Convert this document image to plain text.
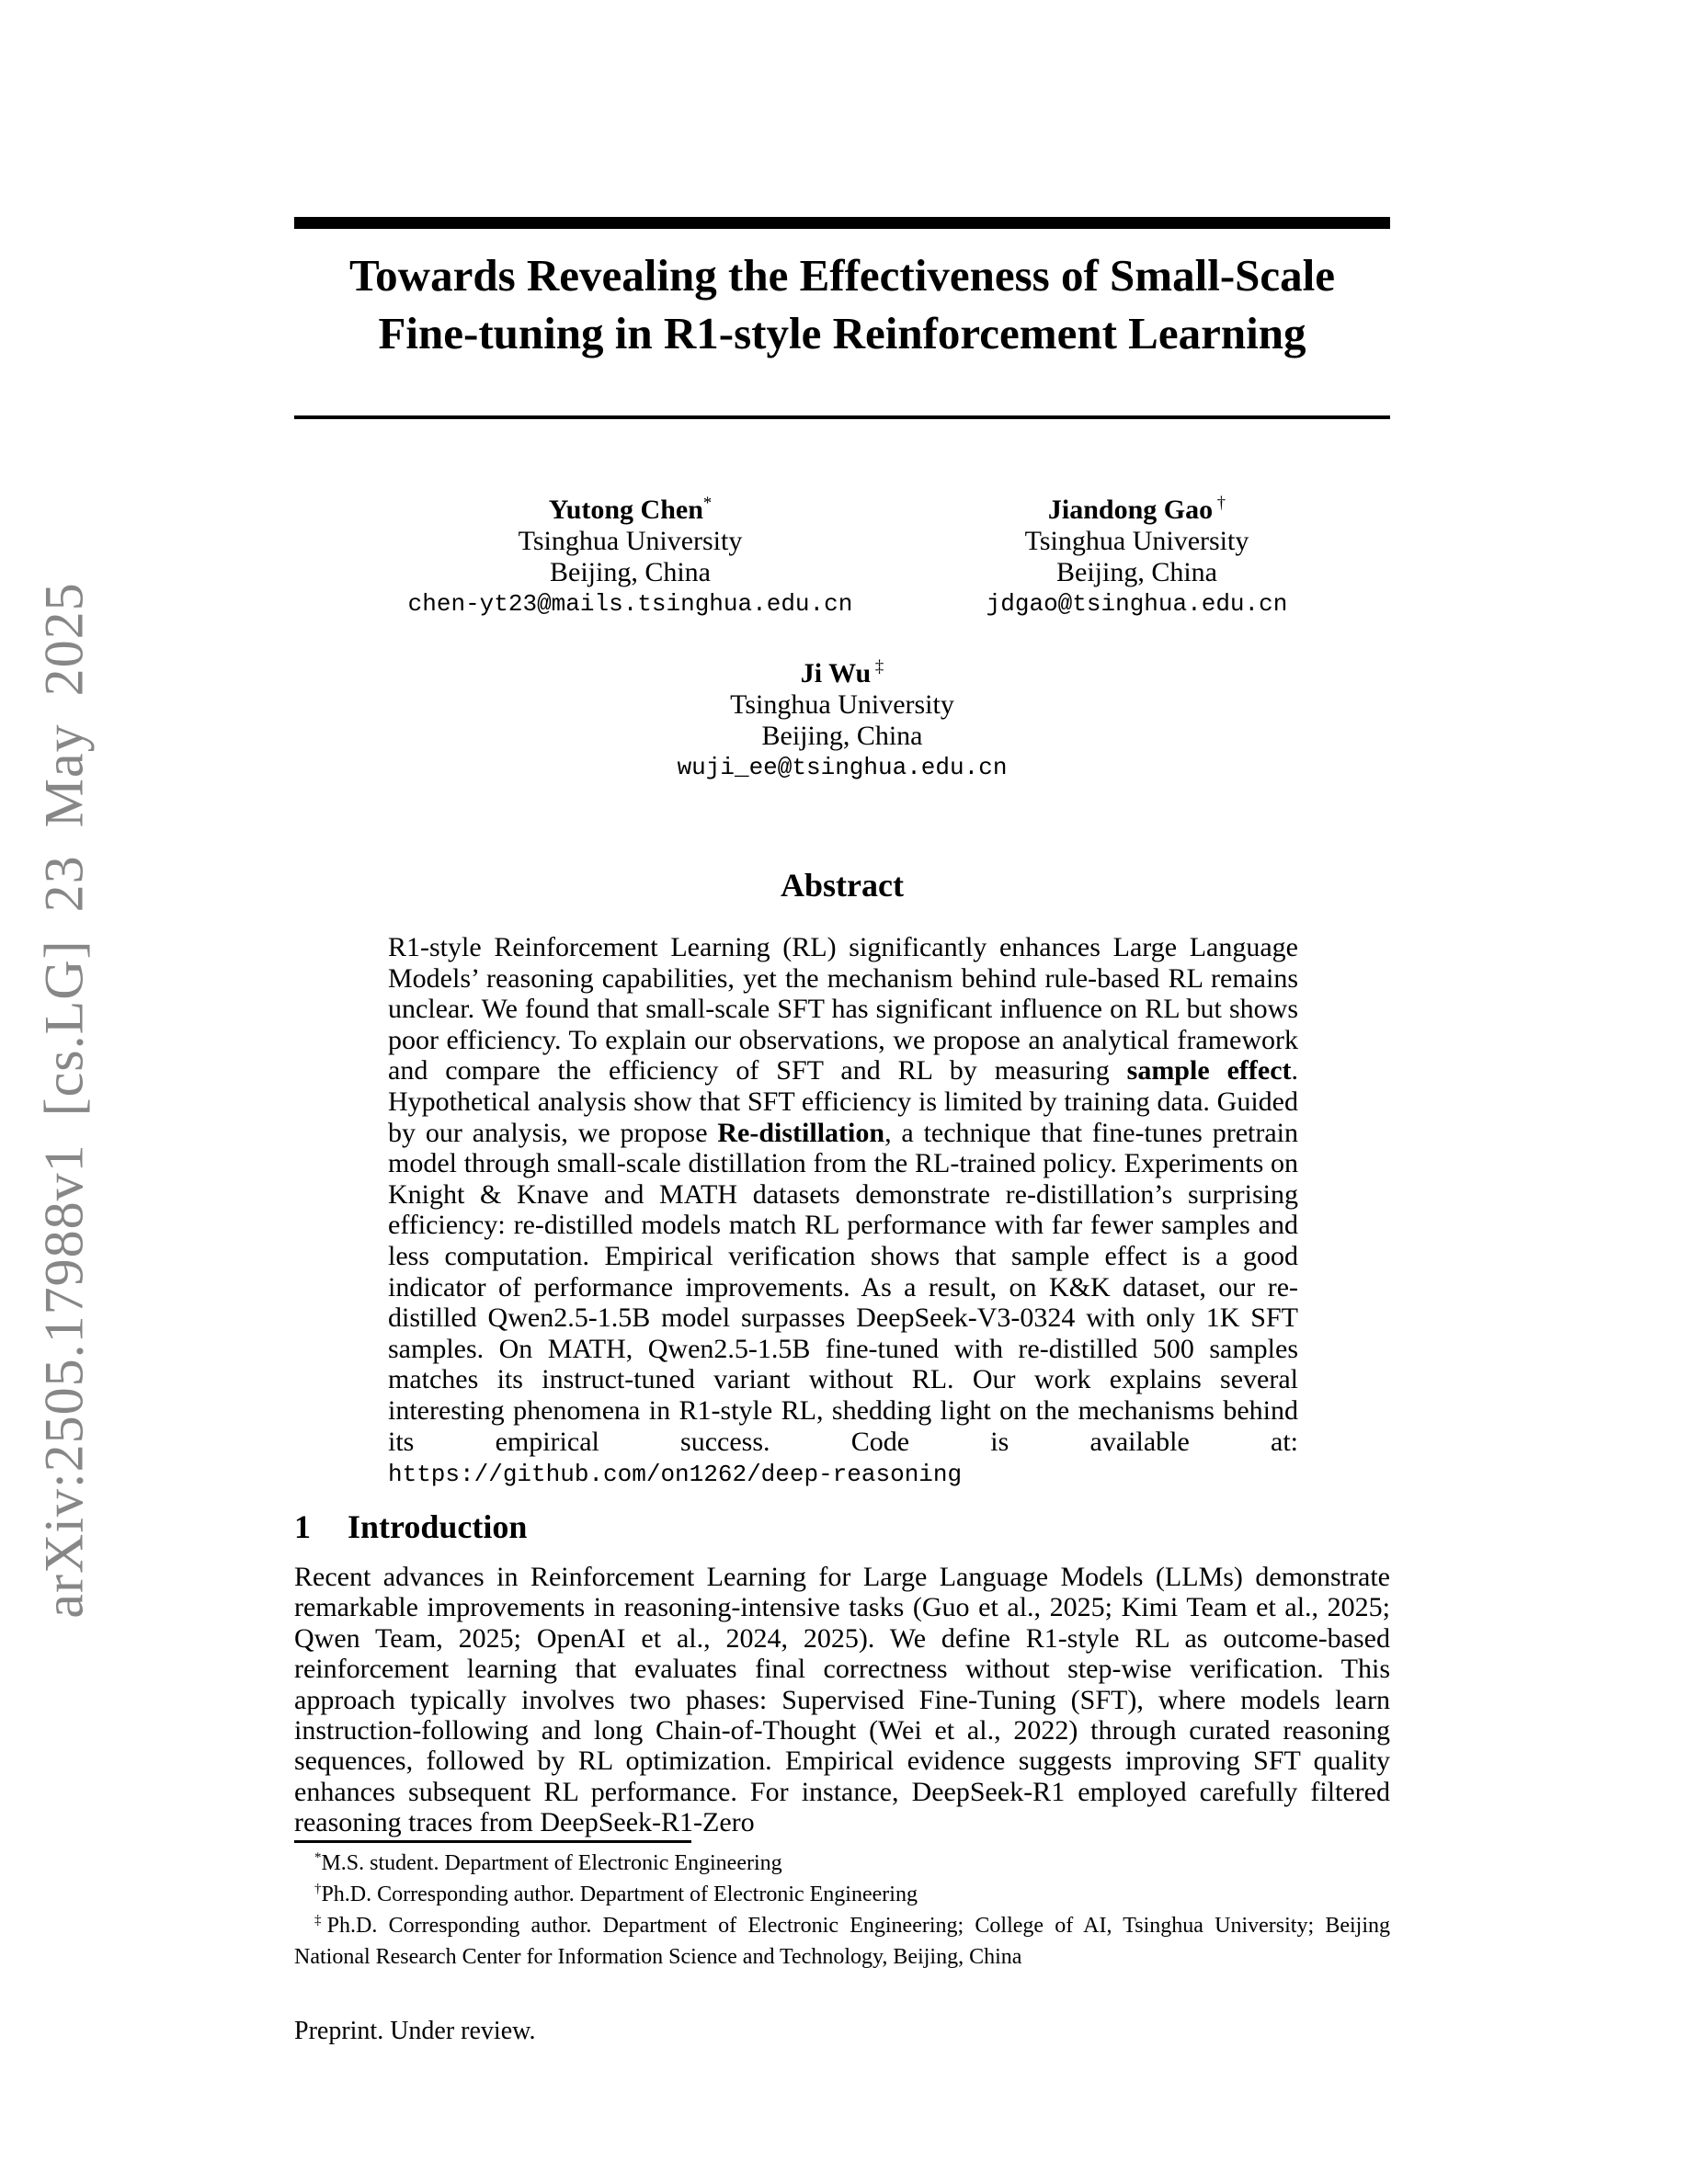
arXiv:2505.17988v1 [cs.LG] 23 May 2025
Towards Revealing the Effectiveness of Small-Scale
Fine-tuning in R1-style Reinforcement Learning
Yutong Chen*
Tsinghua University
Beijing, China
chen-yt23@mails.tsinghua.edu.cn
Jiandong Gao †
Tsinghua University
Beijing, China
jdgao@tsinghua.edu.cn
Ji Wu ‡
Tsinghua University
Beijing, China
wuji_ee@tsinghua.edu.cn
Abstract
R1-style Reinforcement Learning (RL) significantly enhances Large Language Models’ reasoning capabilities, yet the mechanism behind rule-based RL remains unclear. We found that small-scale SFT has significant influence on RL but shows poor efficiency. To explain our observations, we propose an analytical framework and compare the efficiency of SFT and RL by measuring sample effect. Hypothetical analysis show that SFT efficiency is limited by training data. Guided by our analysis, we propose Re-distillation, a technique that fine-tunes pretrain model through small-scale distillation from the RL-trained policy. Experiments on Knight & Knave and MATH datasets demonstrate re-distillation’s surprising efficiency: re-distilled models match RL performance with far fewer samples and less computation. Empirical verification shows that sample effect is a good indicator of performance improvements. As a result, on K&K dataset, our re-distilled Qwen2.5-1.5B model surpasses DeepSeek-V3-0324 with only 1K SFT samples. On MATH, Qwen2.5-1.5B fine-tuned with re-distilled 500 samples matches its instruct-tuned variant without RL. Our work explains several interesting phenomena in R1-style RL, shedding light on the mechanisms behind its empirical success. Code is available at: https://github.com/on1262/deep-reasoning
1 Introduction

Recent advances in Reinforcement Learning for Large Language Models (LLMs) demonstrate remarkable improvements in reasoning-intensive tasks (Guo et al., 2025; Kimi Team et al., 2025; Qwen Team, 2025; OpenAI et al., 2024, 2025). We define R1-style RL as outcome-based reinforcement learning that evaluates final correctness without step-wise verification. This approach typically involves two phases: Supervised Fine-Tuning (SFT), where models learn instruction-following and long Chain-of-Thought (Wei et al., 2022) through curated reasoning sequences, followed by RL optimization. Empirical evidence suggests improving SFT quality enhances subsequent RL performance. For instance, DeepSeek-R1 employed carefully filtered reasoning traces from DeepSeek-R1-Zero

*M.S. student. Department of Electronic Engineering

†Ph.D. Corresponding author. Department of Electronic Engineering

‡Ph.D. Corresponding author. Department of Electronic Engineering; College of AI, Tsinghua University; Beijing National Research Center for Information Science and Technology, Beijing, China

Preprint. Under review.
